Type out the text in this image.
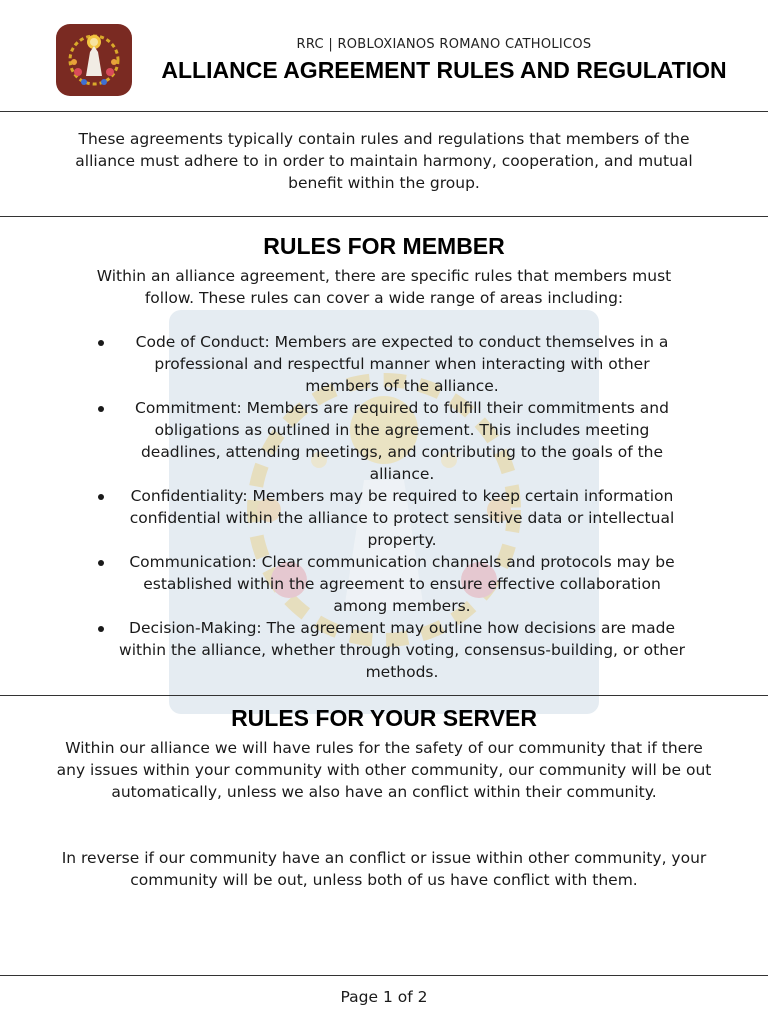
RRC | ROBLOXIANOS ROMANO CATHOLICOS
ALLIANCE AGREEMENT RULES AND REGULATION
These agreements typically contain rules and regulations that members of the alliance must adhere to in order to maintain harmony, cooperation, and mutual benefit within the group.
RULES FOR MEMBER
Within an alliance agreement, there are specific rules that members must follow. These rules can cover a wide range of areas including:
Code of Conduct: Members are expected to conduct themselves in a professional and respectful manner when interacting with other members of the alliance.
Commitment: Members are required to fulfill their commitments and obligations as outlined in the agreement. This includes meeting deadlines, attending meetings, and contributing to the goals of the alliance.
Confidentiality: Members may be required to keep certain information confidential within the alliance to protect sensitive data or intellectual property.
Communication: Clear communication channels and protocols may be established within the agreement to ensure effective collaboration among members.
Decision-Making: The agreement may outline how decisions are made within the alliance, whether through voting, consensus-building, or other methods.
RULES FOR YOUR SERVER
Within our alliance we will have rules for the safety of our community that if there any issues within your community with other community, our community will be out automatically, unless we also have an conflict within their community.
In reverse if our community have an conflict or issue within other community, your community will be out, unless both of us have conflict with them.
Page 1 of 2
